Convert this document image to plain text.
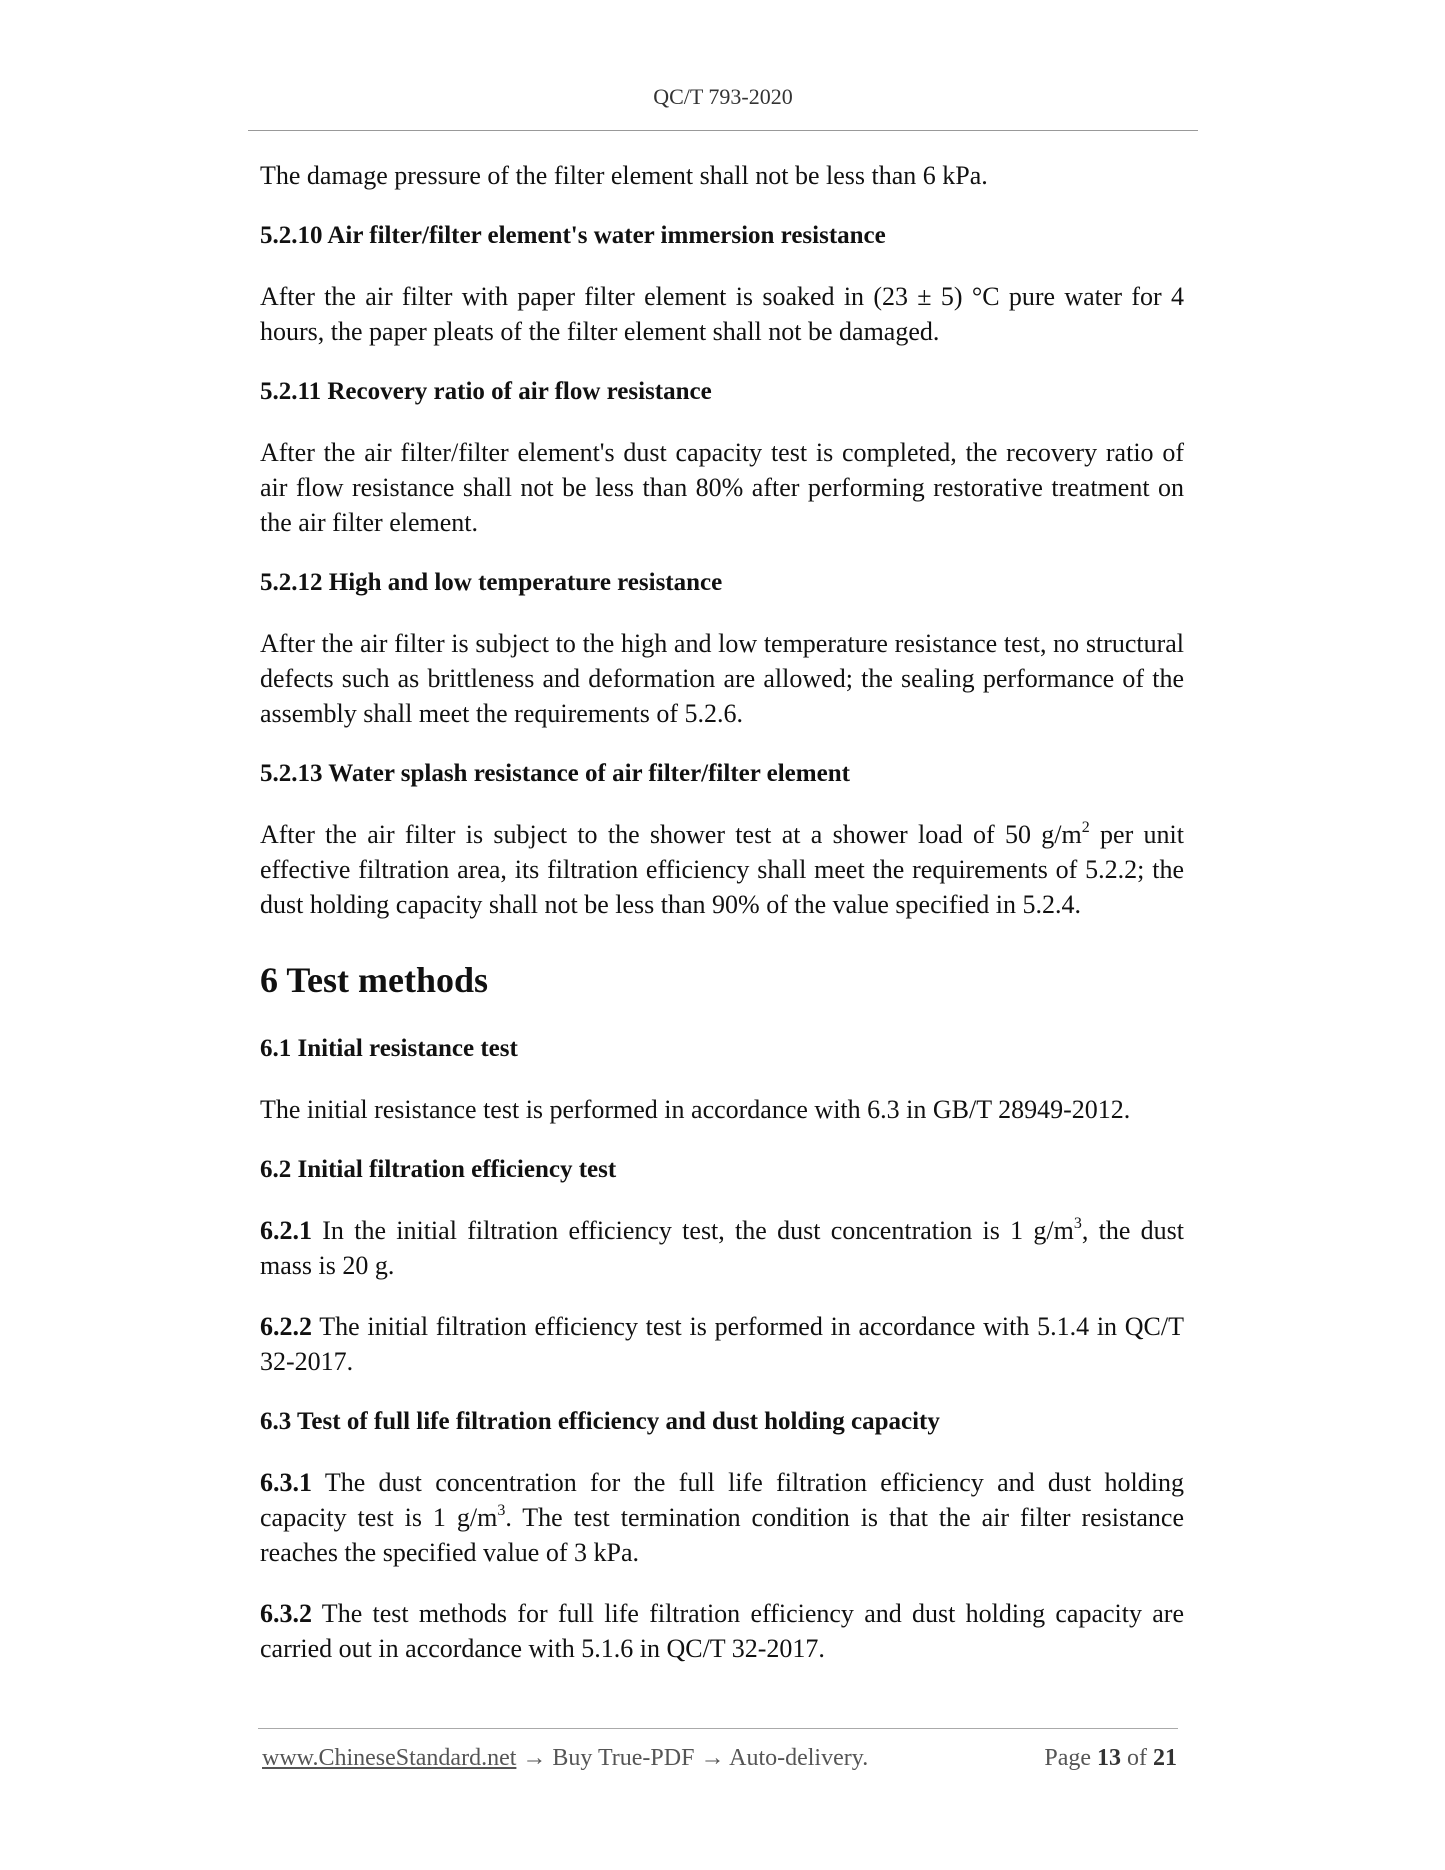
QC/T 793-2020

The damage pressure of the filter element shall not be less than 6 kPa.

5.2.10 Air filter/filter element's water immersion resistance

After the air filter with paper filter element is soaked in (23 ± 5) °C pure water for 4 hours, the paper pleats of the filter element shall not be damaged.

5.2.11 Recovery ratio of air flow resistance

After the air filter/filter element's dust capacity test is completed, the recovery ratio of air flow resistance shall not be less than 80% after performing restorative treatment on the air filter element.

5.2.12 High and low temperature resistance

After the air filter is subject to the high and low temperature resistance test, no structural defects such as brittleness and deformation are allowed; the sealing performance of the assembly shall meet the requirements of 5.2.6.

5.2.13 Water splash resistance of air filter/filter element

After the air filter is subject to the shower test at a shower load of 50 $g/m^2$ per unit effective filtration area, its filtration efficiency shall meet the requirements of 5.2.2; the dust holding capacity shall not be less than 90% of the value specified in 5.2.4.

6 Test methods
6.1 Initial resistance test

The initial resistance test is performed in accordance with 6.3 in GB/T 28949-2012.

6.2 Initial filtration efficiency test

6.2.1 In the initial filtration efficiency test, the dust concentration is 1 $g/m^3$, the dust mass is 20 g.

6.2.2 The initial filtration efficiency test is performed in accordance with 5.1.4 in QC/T 32-2017.

6.3 Test of full life filtration efficiency and dust holding capacity

6.3.1 The dust concentration for the full life filtration efficiency and dust holding capacity test is 1 $g/m^3$. The test termination condition is that the air filter resistance reaches the specified value of 3 kPa.

6.3.2 The test methods for full life filtration efficiency and dust holding capacity are carried out in accordance with 5.1.6 in QC/T 32-2017.

www.ChineseStandard.net → Buy True-PDF → Auto-delivery.	Page 13 of 21
